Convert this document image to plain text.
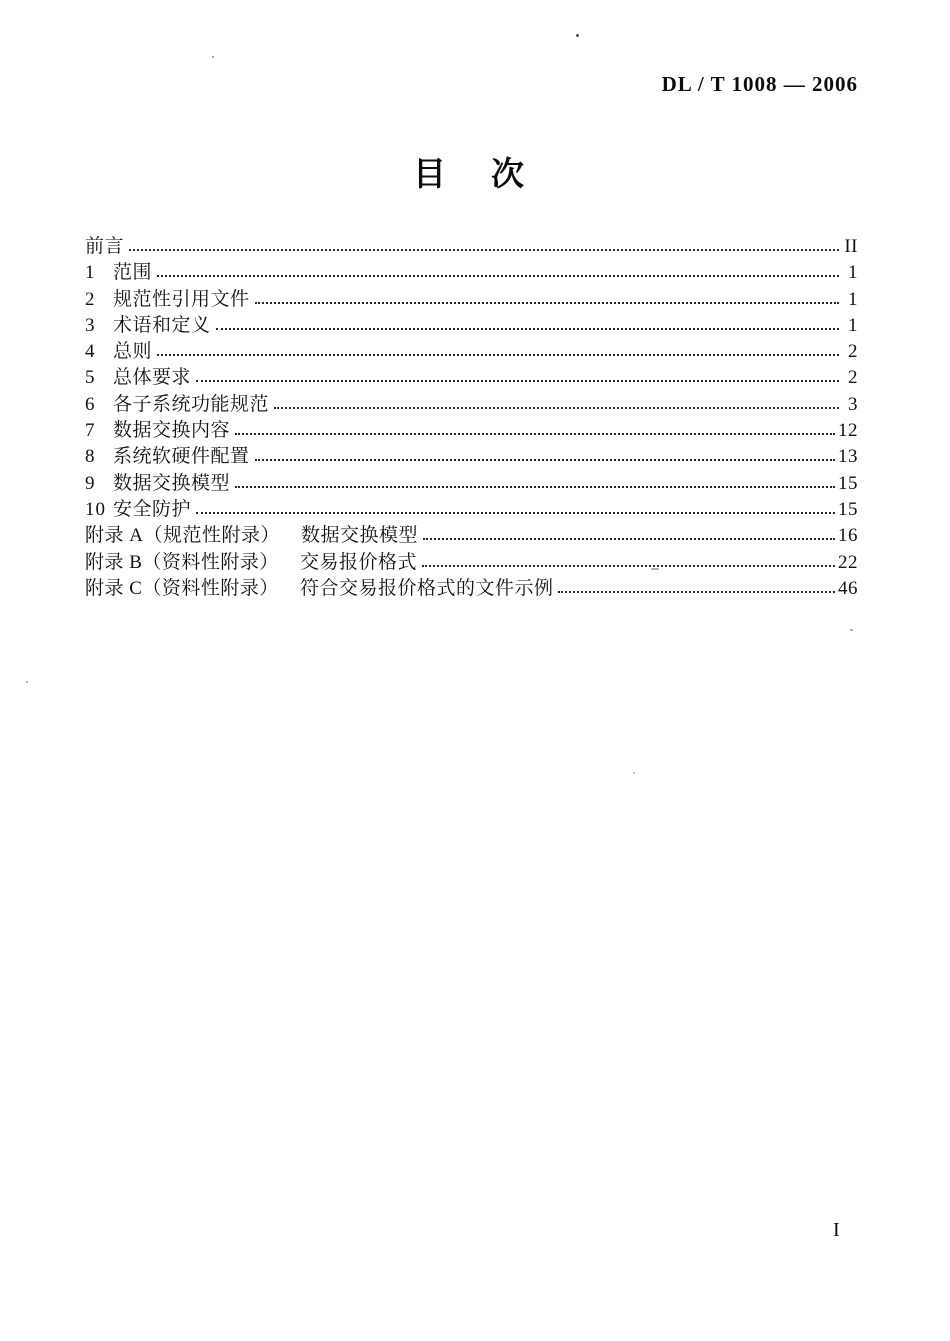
DL / T 1008 — 2006
目　次
前言	II
1 范围	1
2 规范性引用文件	1
3 术语和定义	1
4 总则	2
5 总体要求	2
6 各子系统功能规范	3
7 数据交换内容	12
8 系统软硬件配置	13
9 数据交换模型	15
10 安全防护	15
附录 A（规范性附录） 数据交换模型	16
附录 B（资料性附录） 交易报价格式	22
附录 C（资料性附录） 符合交易报价格式的文件示例	46
I
